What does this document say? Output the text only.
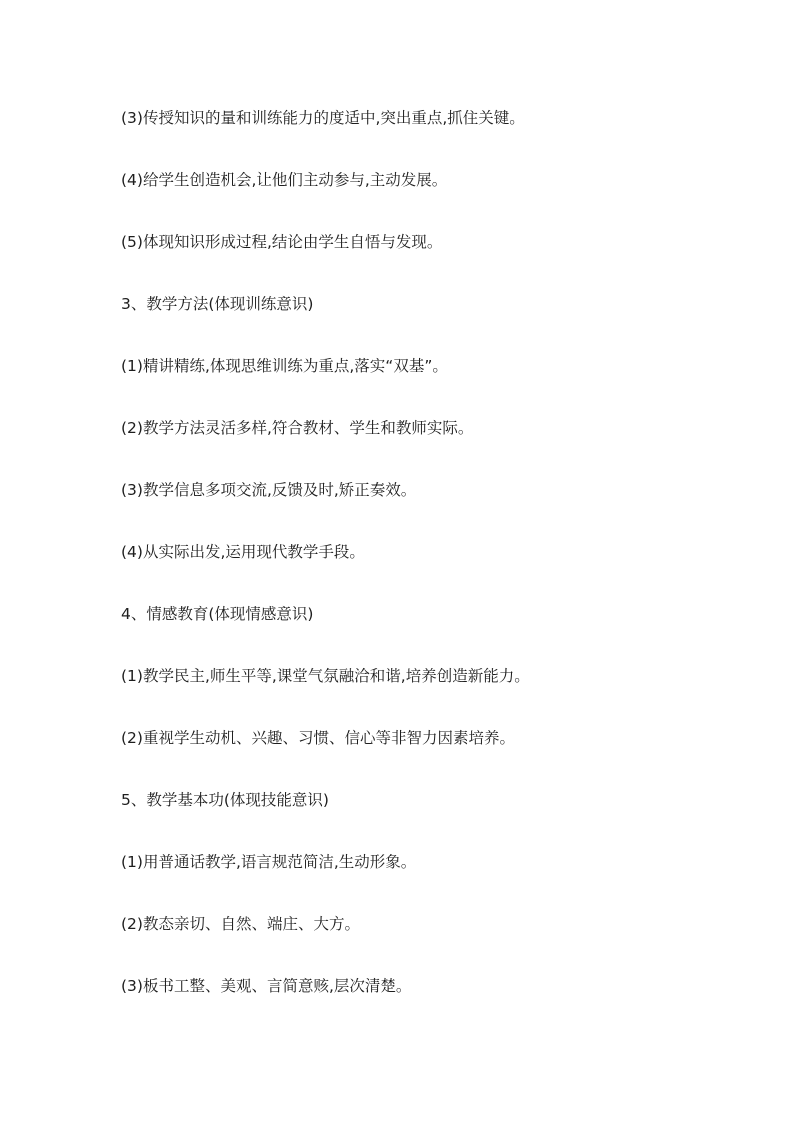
(3)传授知识的量和训练能力的度适中,突出重点,抓住关键。
(4)给学生创造机会,让他们主动参与,主动发展。
(5)体现知识形成过程,结论由学生自悟与发现。
3、教学方法(体现训练意识)
(1)精讲精练,体现思维训练为重点,落实“双基”。
(2)教学方法灵活多样,符合教材、学生和教师实际。
(3)教学信息多项交流,反馈及时,矫正奏效。
(4)从实际出发,运用现代教学手段。
4、情感教育(体现情感意识)
(1)教学民主,师生平等,课堂气氛融洽和谐,培养创造新能力。
(2)重视学生动机、兴趣、习惯、信心等非智力因素培养。
5、教学基本功(体现技能意识)
(1)用普通话教学,语言规范简洁,生动形象。
(2)教态亲切、自然、端庄、大方。
(3)板书工整、美观、言简意赅,层次清楚。
